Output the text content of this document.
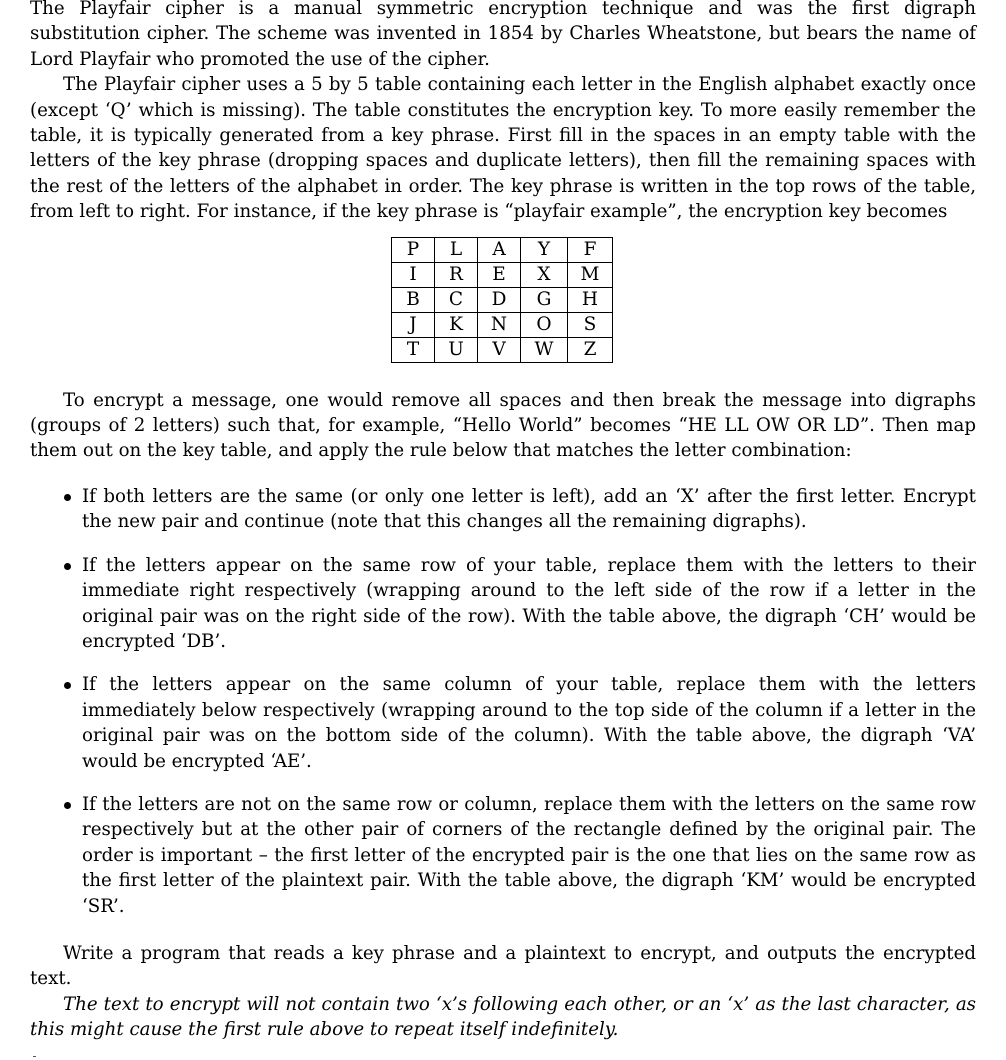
The Playfair cipher is a manual symmetric encryption technique and was the first digraph substitution cipher. The scheme was invented in 1854 by Charles Wheatstone, but bears the name of Lord Playfair who promoted the use of the cipher.

The Playfair cipher uses a 5 by 5 table containing each letter in the English alphabet exactly once (except ‘Q’ which is missing). The table constitutes the encryption key. To more easily remember the table, it is typically generated from a key phrase. First fill in the spaces in an empty table with the letters of the key phrase (dropping spaces and duplicate letters), then fill the remaining spaces with the rest of the letters of the alphabet in order. The key phrase is written in the top rows of the table, from left to right. For instance, if the key phrase is “playfair example”, the encryption key becomes

P	L	A	Y	F
I	R	E	X	M
B	C	D	G	H
J	K	N	O	S
T	U	V	W	Z

To encrypt a message, one would remove all spaces and then break the message into digraphs (groups of 2 letters) such that, for example, “Hello World” becomes “HE LL OW OR LD”. Then map them out on the key table, and apply the rule below that matches the letter combination:

If both letters are the same (or only one letter is left), add an ‘X’ after the first letter. Encrypt the new pair and continue (note that this changes all the remaining digraphs).

If the letters appear on the same row of your table, replace them with the letters to their immediate right respectively (wrapping around to the left side of the row if a letter in the original pair was on the right side of the row). With the table above, the digraph ‘CH’ would be encrypted ‘DB’.

If the letters appear on the same column of your table, replace them with the letters immediately below respectively (wrapping around to the top side of the column if a letter in the original pair was on the bottom side of the column). With the table above, the digraph ‘VA’ would be encrypted ‘AE’.

If the letters are not on the same row or column, replace them with the letters on the same row respectively but at the other pair of corners of the rectangle defined by the original pair. The order is important – the first letter of the encrypted pair is the one that lies on the same row as the first letter of the plaintext pair. With the table above, the digraph ‘KM’ would be encrypted ‘SR’.

Write a program that reads a key phrase and a plaintext to encrypt, and outputs the encrypted text.

The text to encrypt will not contain two ‘x’s following each other, or an ‘x’ as the last character, as this might cause the first rule above to repeat itself indefinitely.
